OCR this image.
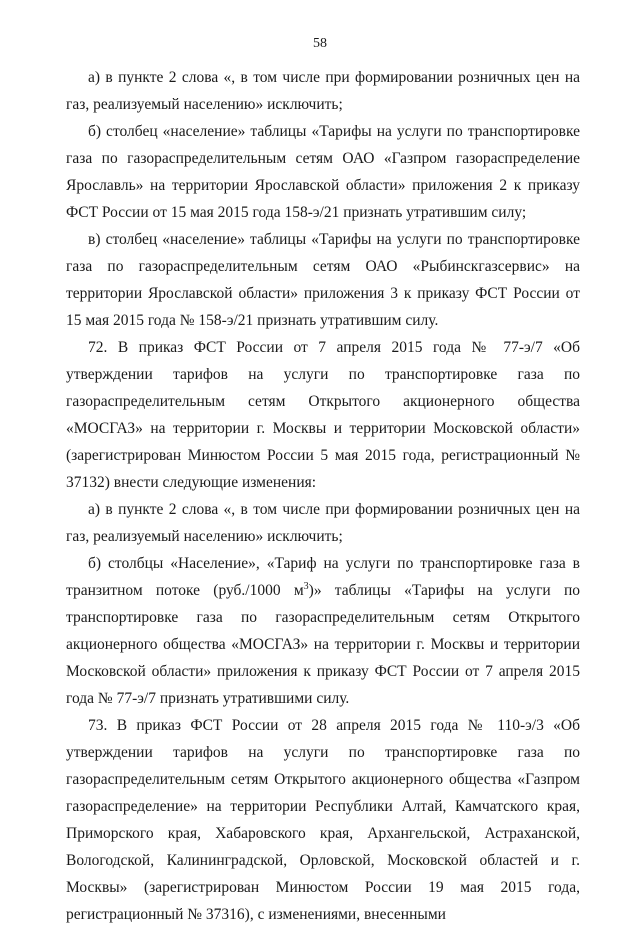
58

а) в пункте 2 слова «, в том числе при формировании розничных цен на газ, реализуемый населению» исключить;

б) столбец «население» таблицы «Тарифы на услуги по транспортировке газа по газораспределительным сетям ОАО «Газпром газораспределение Ярославль» на территории Ярославской области» приложения 2 к приказу ФСТ России от 15 мая 2015 года 158-э/21 признать утратившим силу;

в) столбец «население» таблицы «Тарифы на услуги по транспортировке газа по газораспределительным сетям ОАО «Рыбинскгазсервис» на территории Ярославской области» приложения 3 к приказу ФСТ России от 15 мая 2015 года № 158-э/21 признать утратившим силу.

72. В приказ ФСТ России от 7 апреля 2015 года № 77-э/7 «Об утверждении тарифов на услуги по транспортировке газа по газораспределительным сетям Открытого акционерного общества «МОСГАЗ» на территории г. Москвы и территории Московской области» (зарегистрирован Минюстом России 5 мая 2015 года, регистрационный № 37132) внести следующие изменения:

а) в пункте 2 слова «, в том числе при формировании розничных цен на газ, реализуемый населению» исключить;

б) столбцы «Население», «Тариф на услуги по транспортировке газа в транзитном потоке (руб./1000 $м^3$)» таблицы «Тарифы на услуги по транспортировке газа по газораспределительным сетям Открытого акционерного общества «МОСГАЗ» на территории г. Москвы и территории Московской области» приложения к приказу ФСТ России от 7 апреля 2015 года № 77-э/7 признать утратившими силу.

73. В приказ ФСТ России от 28 апреля 2015 года № 110-э/3 «Об утверждении тарифов на услуги по транспортировке газа по газораспределительным сетям Открытого акционерного общества «Газпром газораспределение» на территории Республики Алтай, Камчатского края, Приморского края, Хабаровского края, Архангельской, Астраханской, Вологодской, Калининградской, Орловской, Московской областей и г. Москвы» (зарегистрирован Минюстом России 19 мая 2015 года, регистрационный № 37316), с изменениями, внесенными
